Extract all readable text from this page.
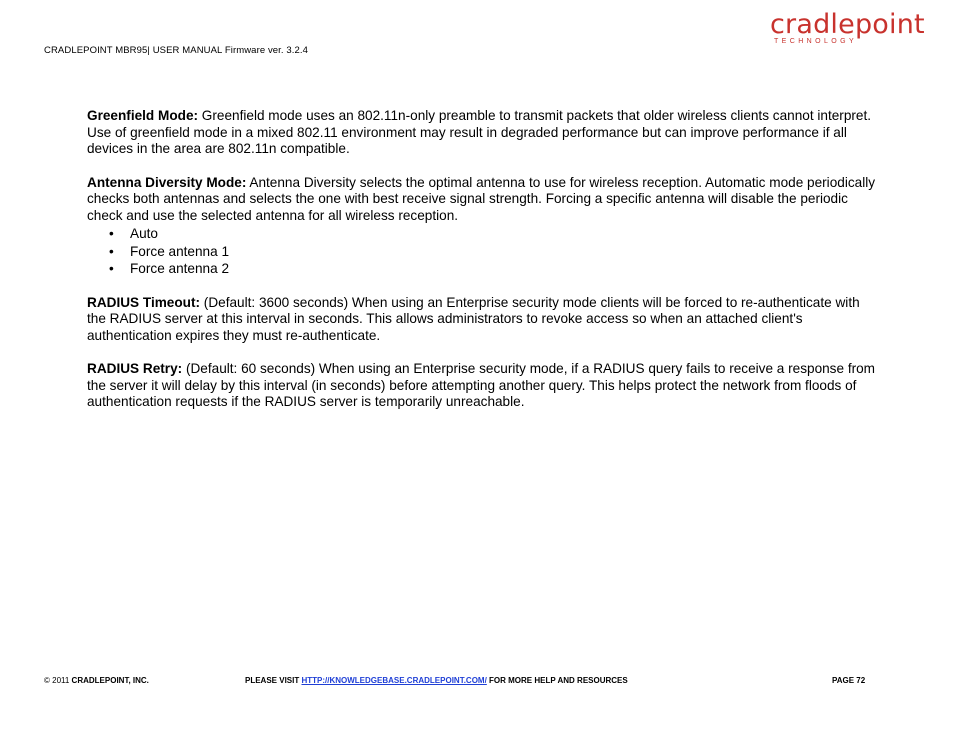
CRADLEPOINT MBR95| USER MANUAL Firmware ver. 3.2.4
cradlepoint
TECHNOLOGY

Greenfield Mode: Greenfield mode uses an 802.11n-only preamble to transmit packets that older wireless clients cannot interpret. Use of greenfield mode in a mixed 802.11 environment may result in degraded performance but can improve performance if all devices in the area are 802.11n compatible.

Antenna Diversity Mode: Antenna Diversity selects the optimal antenna to use for wireless reception. Automatic mode periodically checks both antennas and selects the one with best receive signal strength. Forcing a specific antenna will disable the periodic check and use the selected antenna for all wireless reception.

• Auto
• Force antenna 1
• Force antenna 2

RADIUS Timeout: (Default: 3600 seconds) When using an Enterprise security mode clients will be forced to re-authenticate with the RADIUS server at this interval in seconds. This allows administrators to revoke access so when an attached client's authentication expires they must re-authenticate.

RADIUS Retry: (Default: 60 seconds) When using an Enterprise security mode, if a RADIUS query fails to receive a response from the server it will delay by this interval (in seconds) before attempting another query. This helps protect the network from floods of authentication requests if the RADIUS server is temporarily unreachable.

© 2011 CRADLEPOINT, INC.	PLEASE VISIT HTTP://KNOWLEDGEBASE.CRADLEPOINT.COM/ FOR MORE HELP AND RESOURCES	PAGE 72
